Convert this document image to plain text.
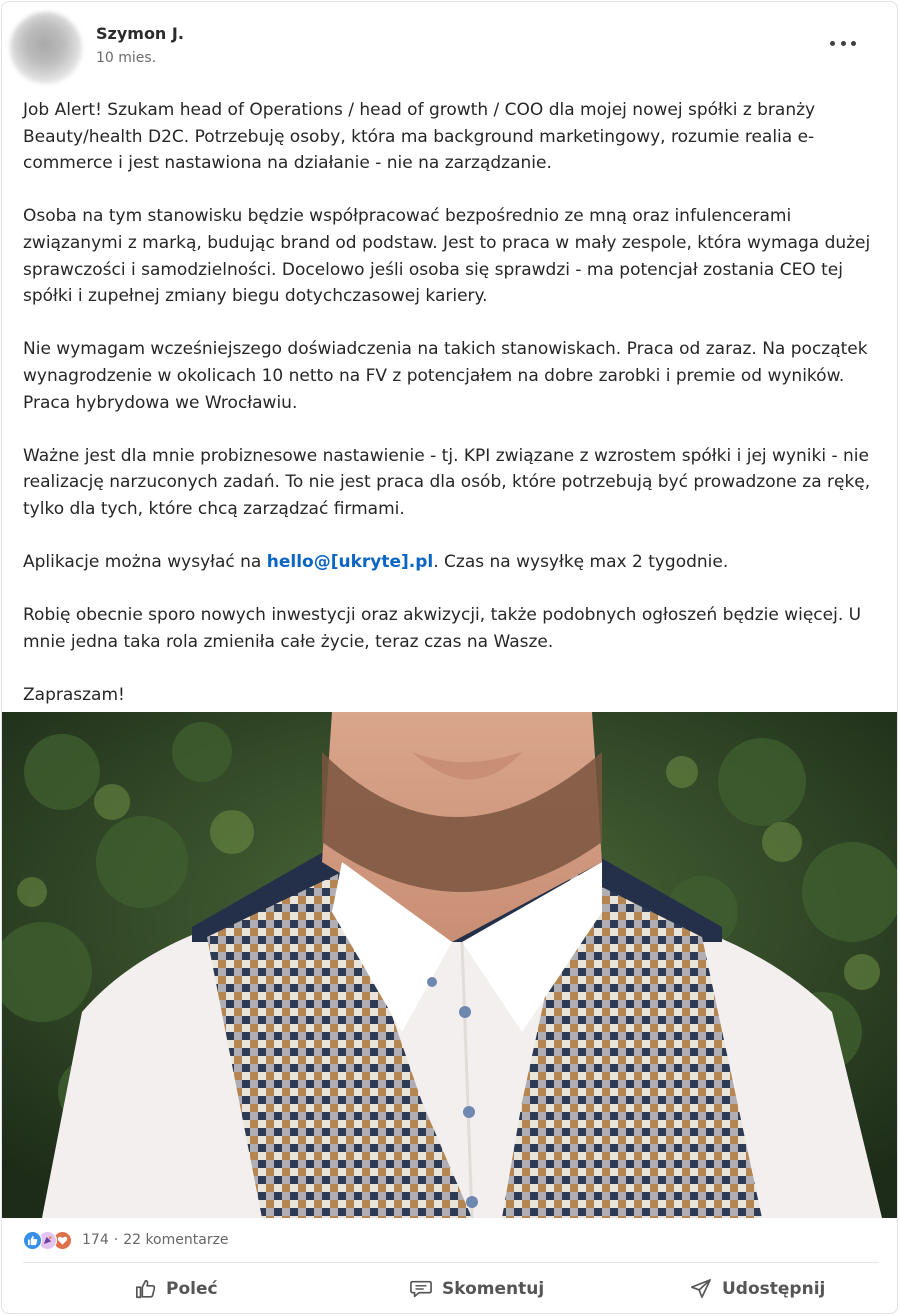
Szymon J.
10 mies.

Job Alert! Szukam head of Operations / head of growth / COO dla mojej nowej spółki z branży Beauty/health D2C. Potrzebuję osoby, która ma background marketingowy, rozumie realia e-commerce i jest nastawiona na działanie - nie na zarządzanie.

Osoba na tym stanowisku będzie współpracować bezpośrednio ze mną oraz infulencerami związanymi z marką, budując brand od podstaw. Jest to praca w mały zespole, która wymaga dużej sprawczości i samodzielności. Docelowo jeśli osoba się sprawdzi - ma potencjał zostania CEO tej spółki i zupełnej zmiany biegu dotychczasowej kariery.

Nie wymagam wcześniejszego doświadczenia na takich stanowiskach. Praca od zaraz. Na początek wynagrodzenie w okolicach 10 netto na FV z potencjałem na dobre zarobki i premie od wyników. Praca hybrydowa we Wrocławiu.

Ważne jest dla mnie probiznesowe nastawienie - tj. KPI związane z wzrostem spółki i jej wyniki - nie realizację narzuconych zadań. To nie jest praca dla osób, które potrzebują być prowadzone za rękę, tylko dla tych, które chcą zarządzać firmami.

Aplikacje można wysyłać na hello@[ukryte].pl. Czas na wysyłkę max 2 tygodnie.

Robię obecnie sporo nowych inwestycji oraz akwizycji, także podobnych ogłoszeń będzie więcej. U mnie jedna taka rola zmieniła całe życie, teraz czas na Wasze.

Zapraszam!

174 · 22 komentarze
Poleć	Skomentuj	Udostępnij
